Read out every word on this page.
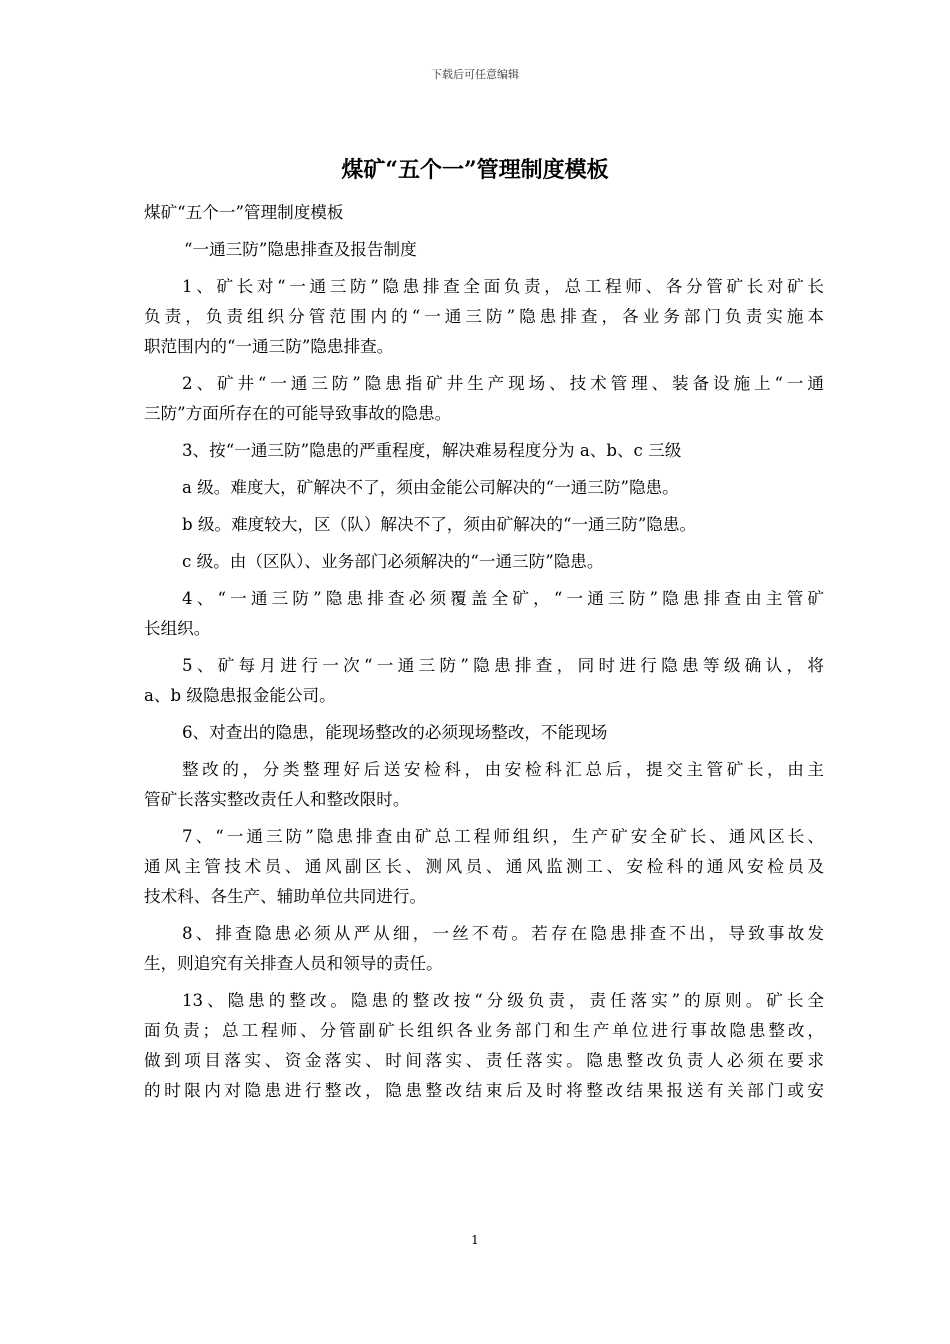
下载后可任意编辑
煤矿“五个一”管理制度模板
煤矿“五个一”管理制度模板
“一通三防”隐患排查及报告制度
1、矿长对“一通三防”隐患排查全面负责，总工程师、各分管矿长对矿长
负责，负责组织分管范围内的“一通三防”隐患排查，各业务部门负责实施本
职范围内的“一通三防”隐患排查。
2、矿井“一通三防”隐患指矿井生产现场、技术管理、装备设施上“一通
三防”方面所存在的可能导致事故的隐患。
3、按“一通三防”隐患的严重程度，解决难易程度分为 a、b、c 三级
a 级。难度大，矿解决不了，须由金能公司解决的“一通三防”隐患。
b 级。难度较大，区（队）解决不了，须由矿解决的“一通三防”隐患。
c 级。由（区队）、业务部门必须解决的“一通三防”隐患。
4、“一通三防”隐患排查必须覆盖全矿，“一通三防”隐患排查由主管矿
长组织。
5、矿每月进行一次“一通三防”隐患排查，同时进行隐患等级确认，将
a、b 级隐患报金能公司。
6、对查出的隐患，能现场整改的必须现场整改，不能现场
整改的，分类整理好后送安检科，由安检科汇总后，提交主管矿长，由主
管矿长落实整改责任人和整改限时。
7、“一通三防”隐患排查由矿总工程师组织，生产矿安全矿长、通风区长、
通风主管技术员、通风副区长、测风员、通风监测工、安检科的通风安检员及
技术科、各生产、辅助单位共同进行。
8、排查隐患必须从严从细，一丝不苟。若存在隐患排查不出，导致事故发
生，则追究有关排查人员和领导的责任。
13、隐患的整改。隐患的整改按“分级负责，责任落实”的原则。矿长全
面负责；总工程师、分管副矿长组织各业务部门和生产单位进行事故隐患整改，
做到项目落实、资金落实、时间落实、责任落实。隐患整改负责人必须在要求
的时限内对隐患进行整改，隐患整改结束后及时将整改结果报送有关部门或安
1
